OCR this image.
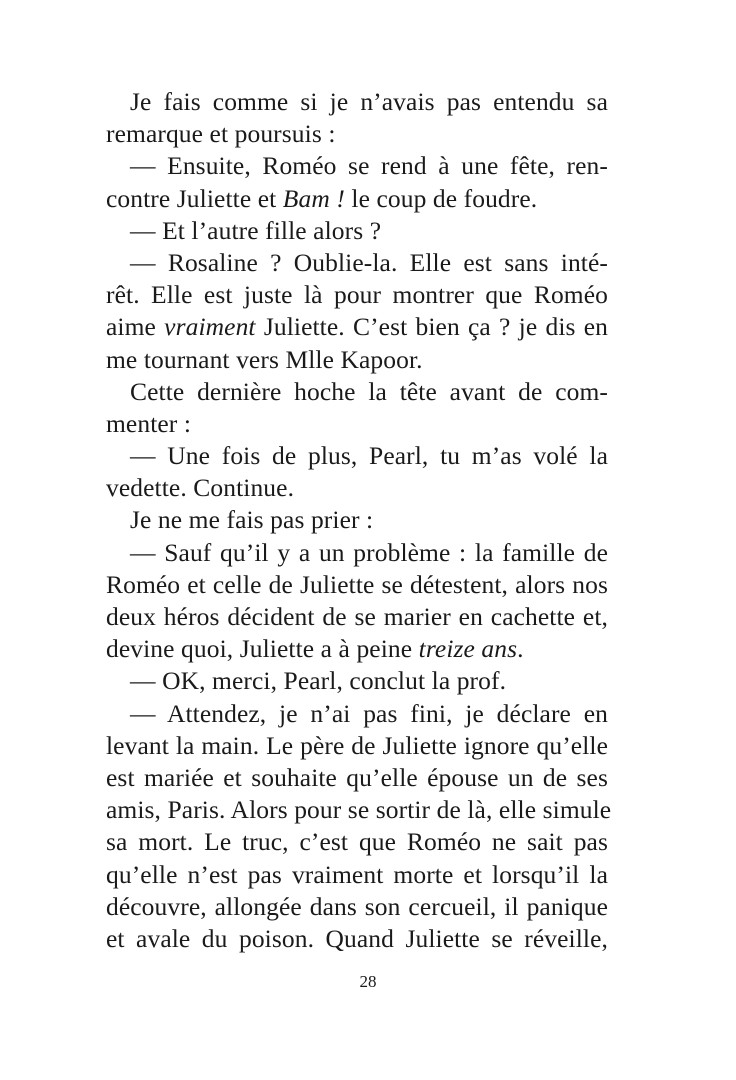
Je fais comme si je n’avais pas entendu sa
remarque et poursuis :
— Ensuite, Roméo se rend à une fête, ren-
contre Juliette et Bam ! le coup de foudre.
— Et l’autre fille alors ?
— Rosaline ? Oublie-la. Elle est sans inté-
rêt. Elle est juste là pour montrer que Roméo
aime vraiment Juliette. C’est bien ça ? je dis en
me tournant vers Mlle Kapoor.
Cette dernière hoche la tête avant de com-
menter :
— Une fois de plus, Pearl, tu m’as volé la
vedette. Continue.
Je ne me fais pas prier :
— Sauf qu’il y a un problème : la famille de
Roméo et celle de Juliette se détestent, alors nos
deux héros décident de se marier en cachette et,
devine quoi, Juliette a à peine treize ans.
— OK, merci, Pearl, conclut la prof.
— Attendez, je n’ai pas fini, je déclare en
levant la main. Le père de Juliette ignore qu’elle
est mariée et souhaite qu’elle épouse un de ses
amis, Paris. Alors pour se sortir de là, elle simule
sa mort. Le truc, c’est que Roméo ne sait pas
qu’elle n’est pas vraiment morte et lorsqu’il la
découvre, allongée dans son cercueil, il panique
et avale du poison. Quand Juliette se réveille,
28
